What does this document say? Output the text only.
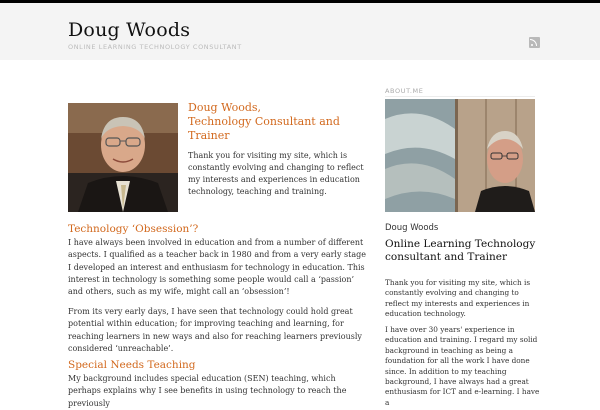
Doug Woods
ONLINE LEARNING TECHNOLOGY CONSULTANT
Doug Woods,
Technology Consultant and Trainer
Thank you for visiting my site, which is constantly evolving and changing to reflect my interests and experiences in education technology, teaching and training.
Technology ‘Obsession’?
I have always been involved in education and from a number of different aspects. I qualified as a teacher back in 1980 and from a very early stage I developed an interest and enthusiasm for technology in education. This interest in technology is something some people would call a ‘passion’ and others, such as my wife, might call an ‘obsession’!
From its very early days, I have seen that technology could hold great potential within education; for improving teaching and learning, for reaching learners in new ways and also for reaching learners previously considered ‘unreachable’.
Special Needs Teaching
My background includes special education (SEN) teaching, which perhaps explains why I see benefits in using technology to reach the previously
ABOUT.ME
Doug Woods
Online Learning Technology consultant and Trainer
Thank you for visiting my site, which is constantly evolving and changing to reflect my interests and experiences in education technology.
I have over 30 years' experience in education and training. I regard my solid background in teaching as being a foundation for all the work I have done since. In addition to my teaching background, I have always had a great enthusiasm for ICT and e-learning. I have a
